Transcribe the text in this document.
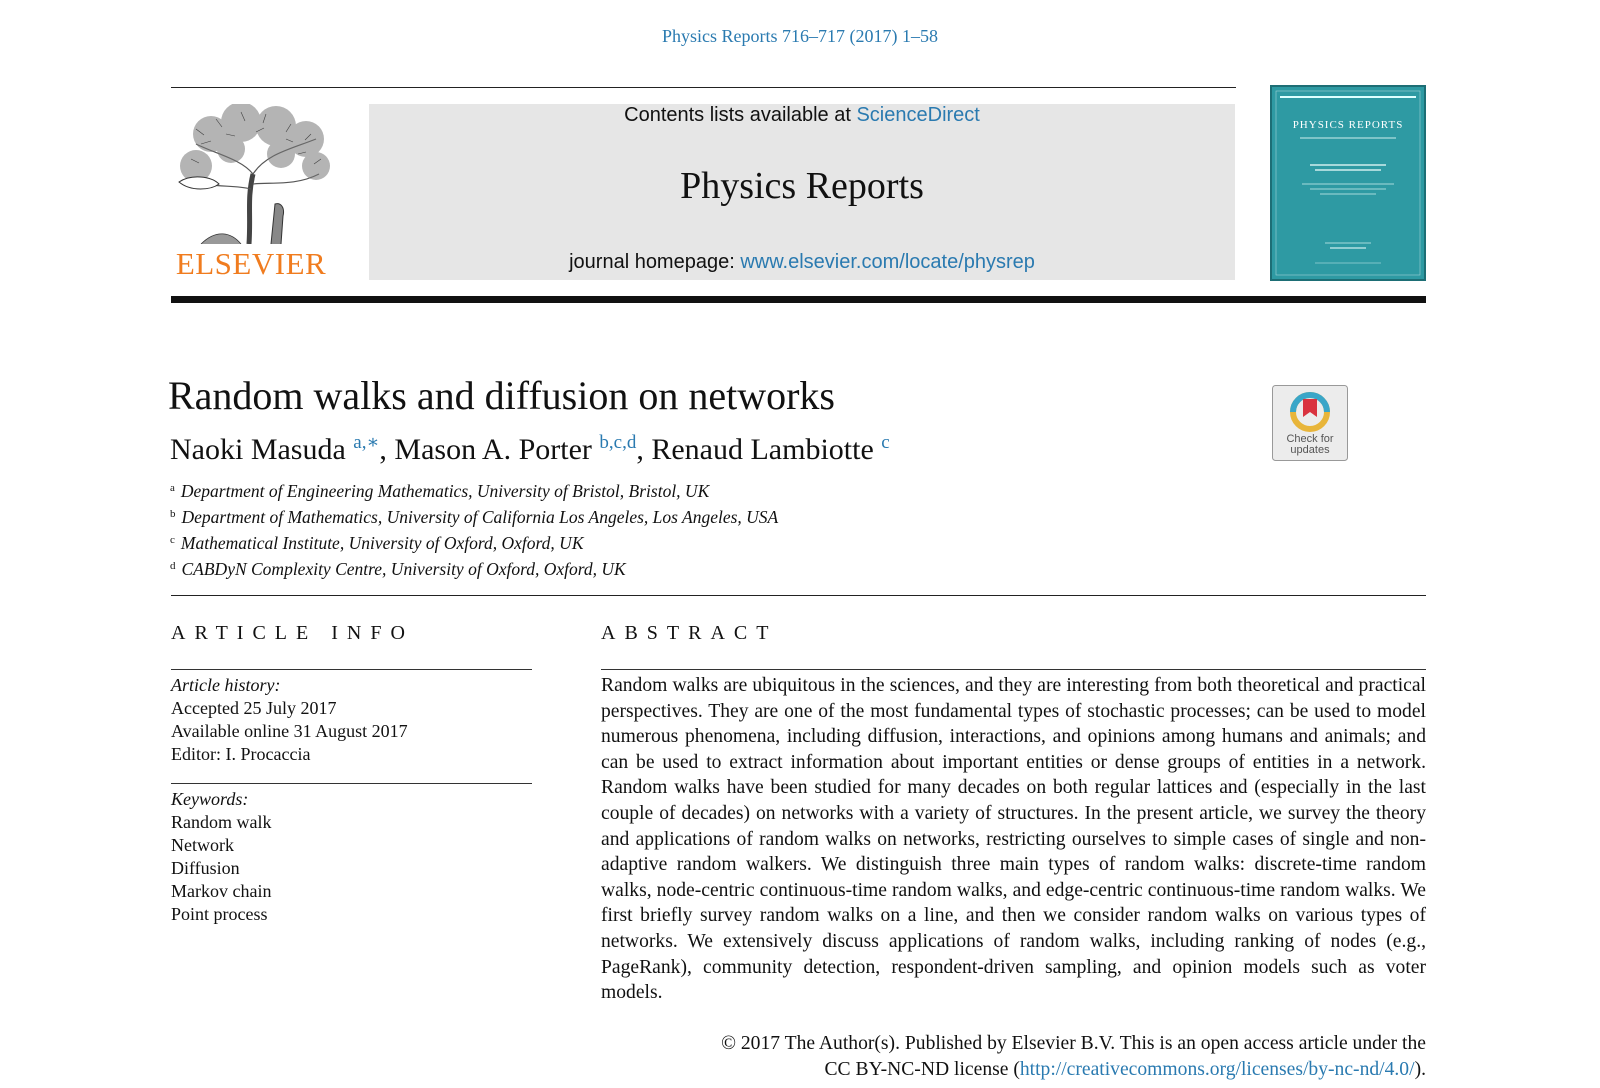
Physics Reports 716–717 (2017) 1–58
ELSEVIER
Contents lists available at ScienceDirect
Physics Reports
journal homepage: www.elsevier.com/locate/physrep
PHYSICS REPORTS
Random walks and diffusion on networks
Naoki Masuda $^{a,∗}$, Mason A. Porter $^{b,c,d}$, Renaud Lambiotte $^c$	Check for
updates
$^a$ Department of Engineering Mathematics, University of Bristol, Bristol, UK
$^b$ Department of Mathematics, University of California Los Angeles, Los Angeles, USA
$^c$ Mathematical Institute, University of Oxford, Oxford, UK
$^d$ CABDyN Complexity Centre, University of Oxford, Oxford, UK
ARTICLE INFO
Article history:
Accepted 25 July 2017
Available online 31 August 2017
Editor: I. Procaccia
Keywords:
Random walk
Network
Diffusion
Markov chain
Point process
ABSTRACT
Random walks are ubiquitous in the sciences, and they are interesting from both theoretical and practical perspectives. They are one of the most fundamental types of stochastic processes; can be used to model numerous phenomena, including diffusion, interactions, and opinions among humans and animals; and can be used to extract information about important entities or dense groups of entities in a network. Random walks have been studied for many decades on both regular lattices and (especially in the last couple of decades) on networks with a variety of structures. In the present article, we survey the theory and applications of random walks on networks, restricting ourselves to simple cases of single and non-adaptive random walkers. We distinguish three main types of random walks: discrete-time random walks, node-centric continuous-time random walks, and edge-centric continuous-time random walks. We first briefly survey random walks on a line, and then we consider random walks on various types of networks. We extensively discuss applications of random walks, including ranking of nodes (e.g., PageRank), community detection, respondent-driven sampling, and opinion models such as voter models.
© 2017 The Author(s). Published by Elsevier B.V. This is an open access article under the
CC BY-NC-ND license (http://creativecommons.org/licenses/by-nc-nd/4.0/).
